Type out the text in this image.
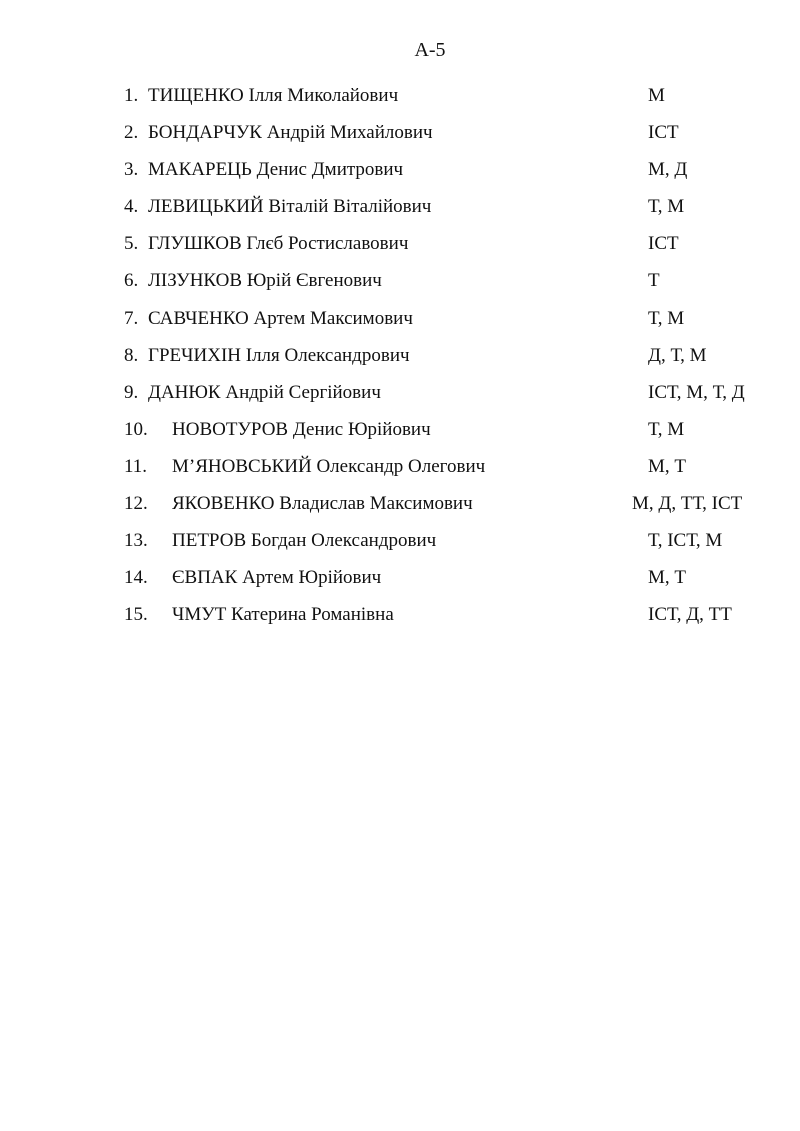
А-5
1. ТИЩЕНКО Ілля Миколайович	М
2. БОНДАРЧУК Андрій Михайлович	ІСТ
3. МАКАРЕЦЬ Денис Дмитрович	М, Д
4. ЛЕВИЦЬКИЙ Віталій Віталійович	Т, М
5. ГЛУШКОВ Глєб Ростиславович	ІСТ
6. ЛІЗУНКОВ Юрій Євгенович	Т
7. САВЧЕНКО Артем Максимович	Т, М
8. ГРЕЧИХІН Ілля Олександрович	Д, Т, М
9. ДАНЮК Андрій Сергійович	ІСТ, М, Т, Д
10. НОВОТУРОВ Денис Юрійович	Т, М
11. М’ЯНОВСЬКИЙ Олександр Олегович	М, Т
12. ЯКОВЕНКО Владислав Максимович	М, Д, ТТ, ІСТ
13. ПЕТРОВ Богдан Олександрович	Т, ІСТ, М
14. ЄВПАК Артем Юрійович	М, Т
15. ЧМУТ Катерина Романівна	ІСТ, Д, ТТ
